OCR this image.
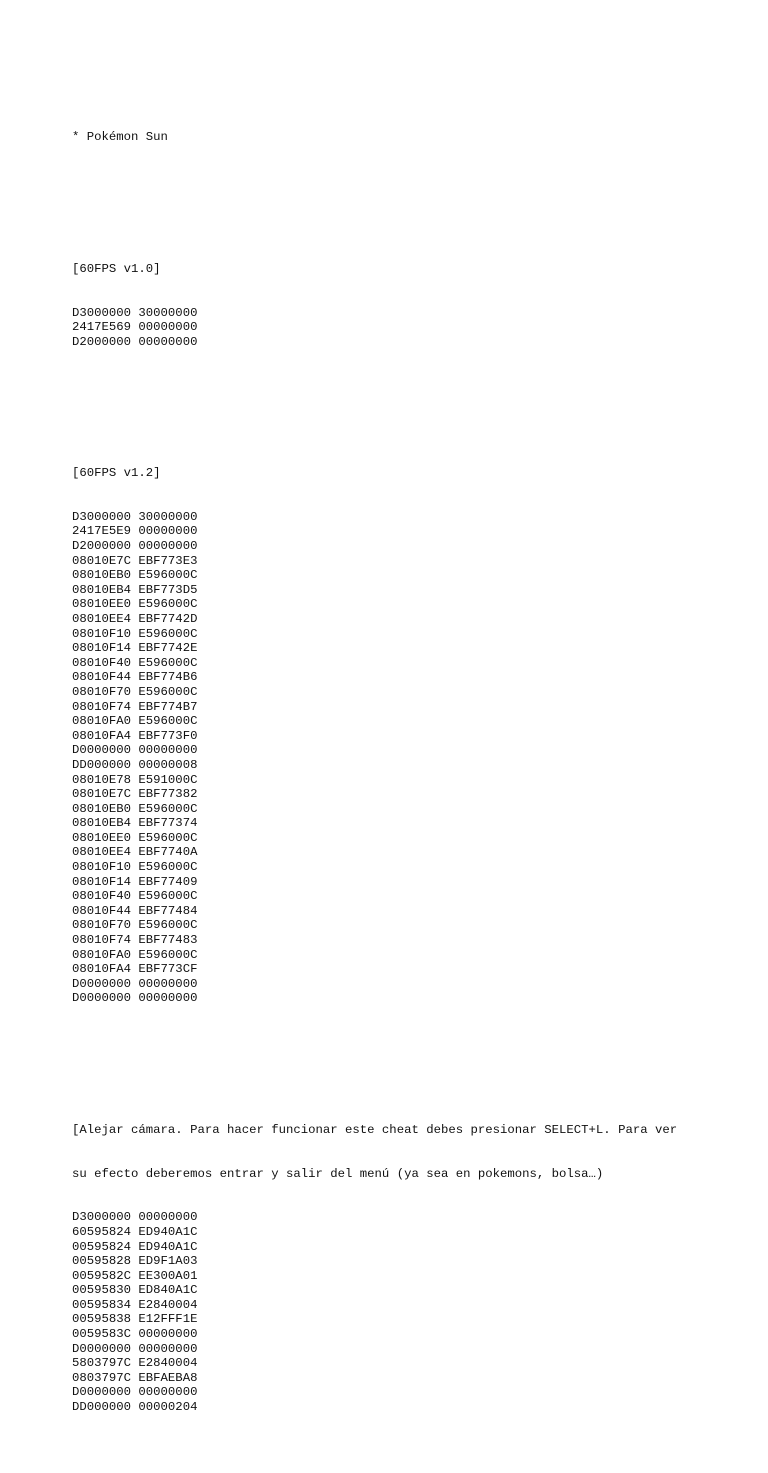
* Pokémon Sun

[60FPS v1.0]

D3000000 30000000
2417E569 00000000
D2000000 00000000

[60FPS v1.2]

D3000000 30000000
2417E5E9 00000000
D2000000 00000000
08010E7C EBF773E3
08010EB0 E596000C
08010EB4 EBF773D5
08010EE0 E596000C
08010EE4 EBF7742D
08010F10 E596000C
08010F14 EBF7742E
08010F40 E596000C
08010F44 EBF774B6
08010F70 E596000C
08010F74 EBF774B7
08010FA0 E596000C
08010FA4 EBF773F0
D0000000 00000000
DD000000 00000008
08010E78 E591000C
08010E7C EBF77382
08010EB0 E596000C
08010EB4 EBF77374
08010EE0 E596000C
08010EE4 EBF7740A
08010F10 E596000C
08010F14 EBF77409
08010F40 E596000C
08010F44 EBF77484
08010F70 E596000C
08010F74 EBF77483
08010FA0 E596000C
08010FA4 EBF773CF
D0000000 00000000
D0000000 00000000

[Alejar cámara. Para hacer funcionar este cheat debes presionar SELECT+L. Para ver

su efecto deberemos entrar y salir del menú (ya sea en pokemons, bolsa…)

D3000000 00000000
60595824 ED940A1C
00595824 ED940A1C
00595828 ED9F1A03
0059582C EE300A01
00595830 ED840A1C
00595834 E2840004
00595838 E12FFF1E
0059583C 00000000
D0000000 00000000
5803797C E2840004
0803797C EBFAEBA8
D0000000 00000000
DD000000 00000204
